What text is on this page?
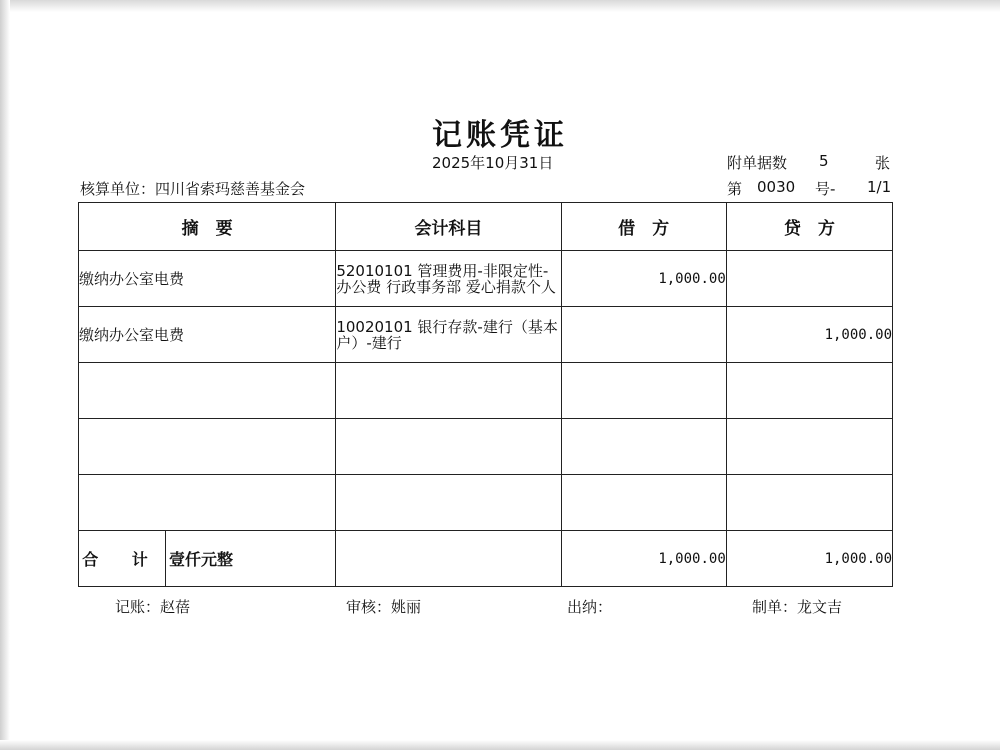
记账凭证
2025年10月31日	附单据数 5	张
核算单位：四川省索玛慈善基金会	第 0030 号- 1/1
摘　要	会计科目	借　方	贷　方
缴纳办公室电费	52010101 管理费用-非限定性-办公费 行政事务部 爱心捐款个人	1,000.00	
缴纳办公室电费	10020101 银行存款-建行（基本户）-建行		1,000.00

合 计 壹仟元整		1,000.00	1,000.00
记账：赵蓓	审核：姚丽	出纳：	制单：龙文吉
